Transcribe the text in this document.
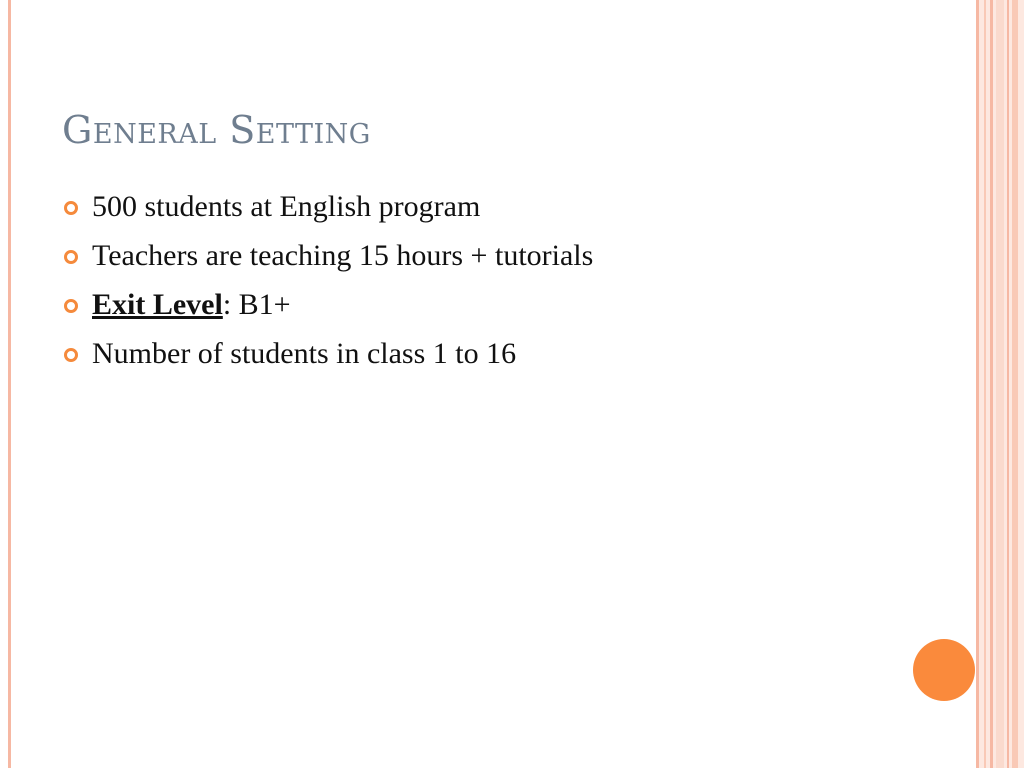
General Setting
500 students at English program
Teachers are teaching 15 hours + tutorials
Exit Level: B1+
Number of students in class 1 to 16
